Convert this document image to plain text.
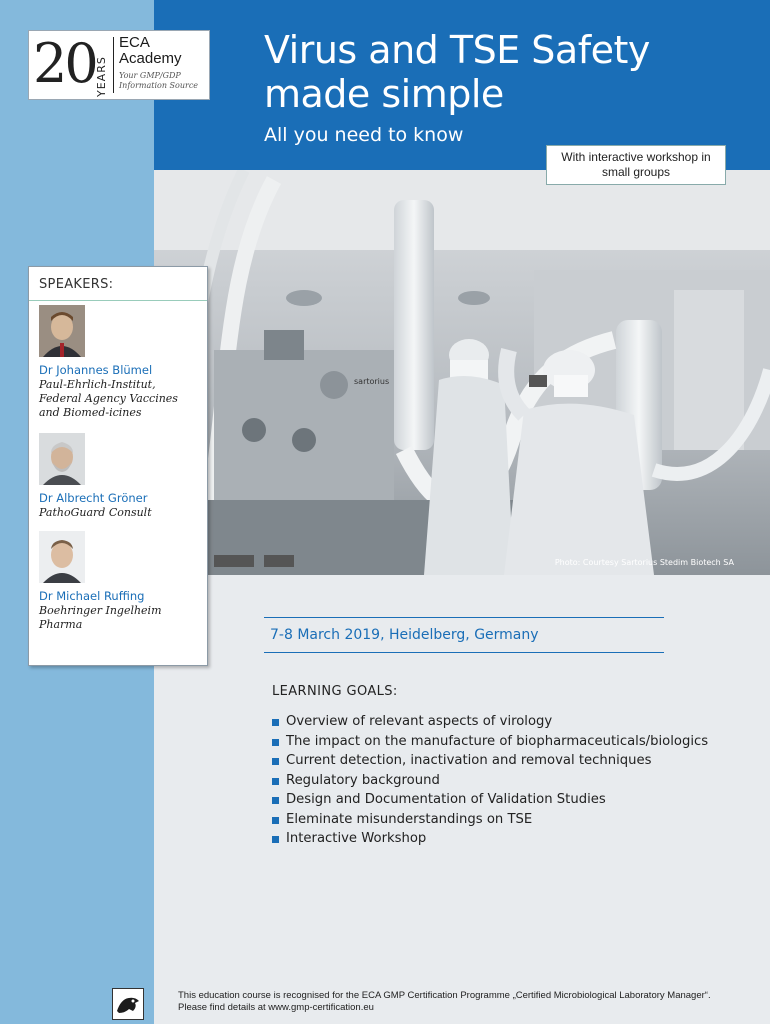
20 YEARS
ECA Academy
Your GMP/GDP Information Source
Virus and TSE Safety made simple
All you need to know
sartorius
Photo: Courtesy Sartorius Stedim Biotech SA
With interactive workshop in small groups
SPEAKERS:
Dr Johannes Blümel
Paul-Ehrlich-Institut, Federal Agency Vaccines and Biomed-icines
Dr Albrecht Gröner
PathoGuard Consult
Dr Michael Ruffing
Boehringer Ingelheim Pharma
7-8 March 2019, Heidelberg, Germany
LEARNING GOALS:
Overview of relevant aspects of virology
The impact on the manufacture of biopharmaceuticals/biologics
Current detection, inactivation and removal techniques
Regulatory background
Design and Documentation of Validation Studies
Eleminate misunderstandings on TSE
Interactive Workshop
This education course is recognised for the ECA GMP Certification Programme „Certified Microbiological Laboratory Manager“.
Please find details at www.gmp-certification.eu
